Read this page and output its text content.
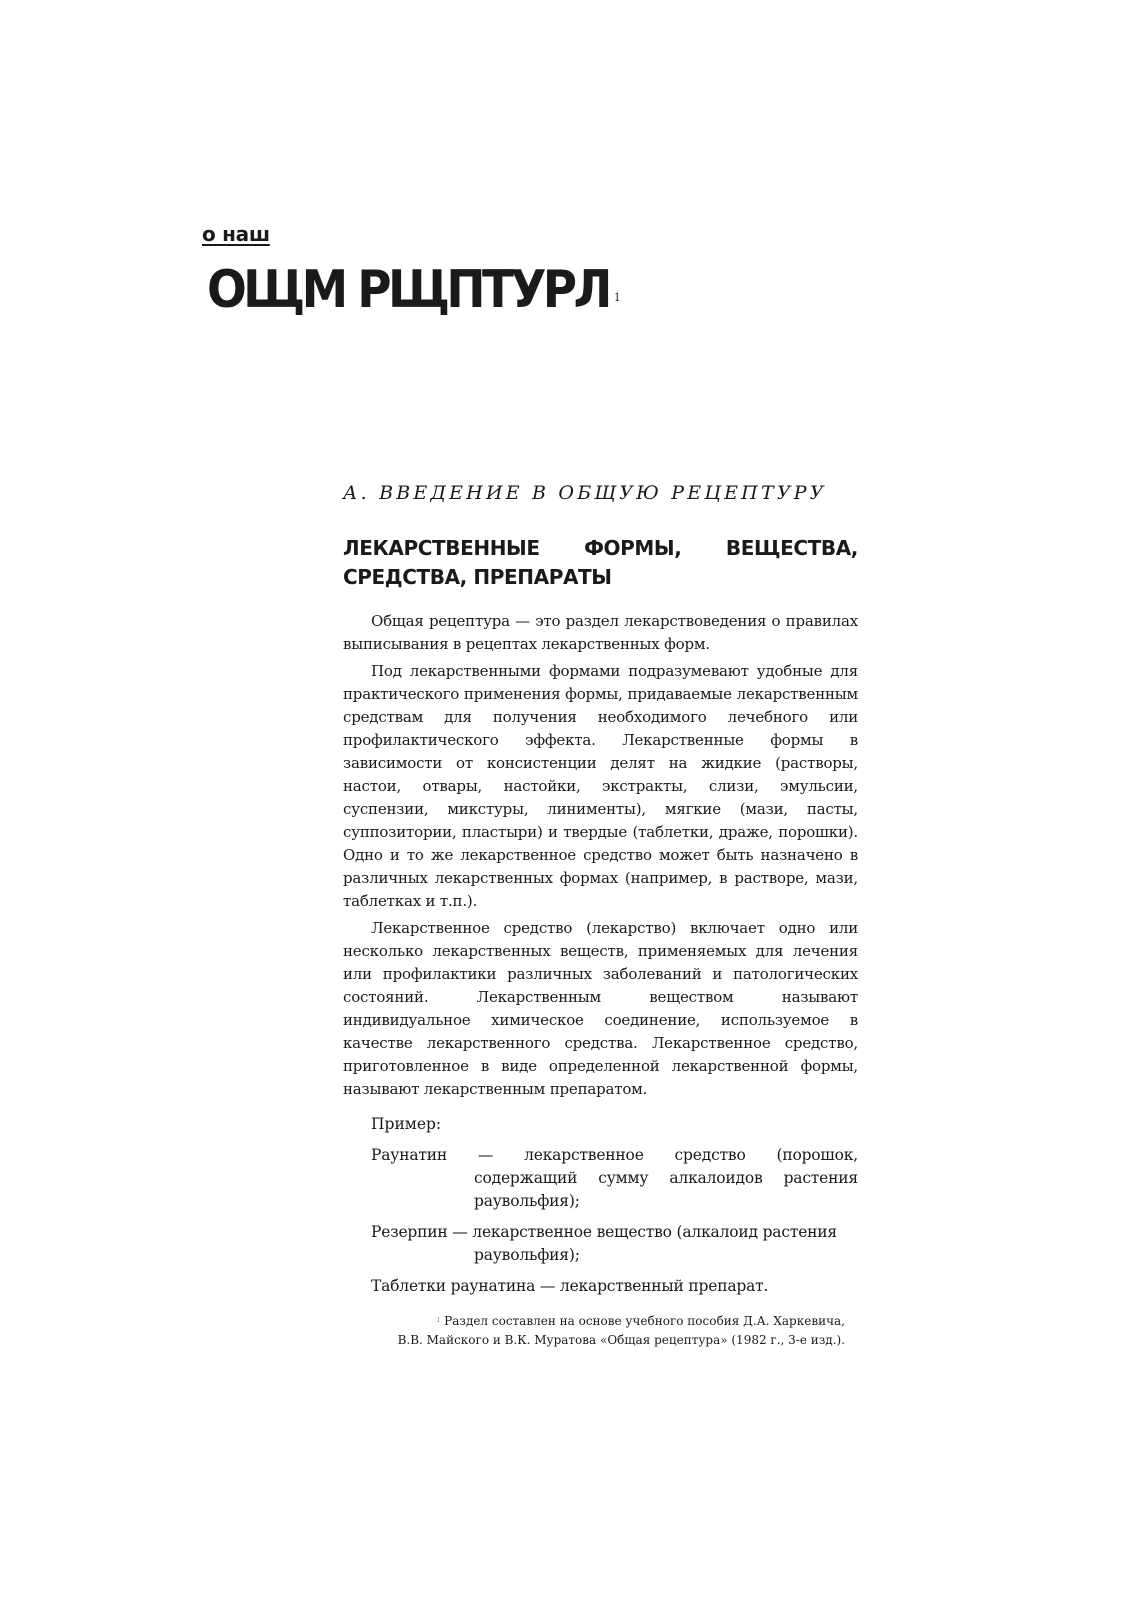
о наш
ОЩМ РЩПТУРЛ $^1$
А. ВВЕДЕНИЕ В ОБЩУЮ РЕЦЕПТУРУ
ЛЕКАРСТВЕННЫЕ ФОРМЫ, ВЕЩЕСТВА,
СРЕДСТВА, ПРЕПАРАТЫ

Общая рецептура — это раздел лекарствоведения о правилах выписывания в рецептах лекарственных форм.

Под лекарственными формами подразумевают удобные для практического применения формы, придаваемые лекарственным средствам для получения необходимого лечебного или профилактического эффекта. Лекарственные формы в зависимости от консистенции делят на жидкие (растворы, настои, отвары, настойки, экстракты, слизи, эмульсии, суспензии, микстуры, линименты), мягкие (мази, пасты, суппозитории, пластыри) и твердые (таблетки, драже, порошки). Одно и то же лекарственное средство может быть назначено в различных лекарственных формах (например, в растворе, мази, таблетках и т.п.).

Лекарственное средство (лекарство) включает одно или несколько лекарственных веществ, применяемых для лечения или профилактики различных заболеваний и патологических состояний. Лекарственным веществом называют индивидуальное химическое соединение, используемое в качестве лекарственного средства. Лекарственное средство, приготовленное в виде определенной лекарственной формы, называют лекарственным препаратом.

Пример:
Раунатин — лекарственное средство (порошок, содержащий сумму алкалоидов растения раувольфия);
Резерпин — лекарственное вещество (алкалоид растения раувольфия);
Таблетки раунатина — лекарственный препарат.
$^1$ Раздел составлен на основе учебного пособия Д.А. Харкевича,
В.В. Майского и В.К. Муратова «Общая рецептура» (1982 г., 3-е изд.).
